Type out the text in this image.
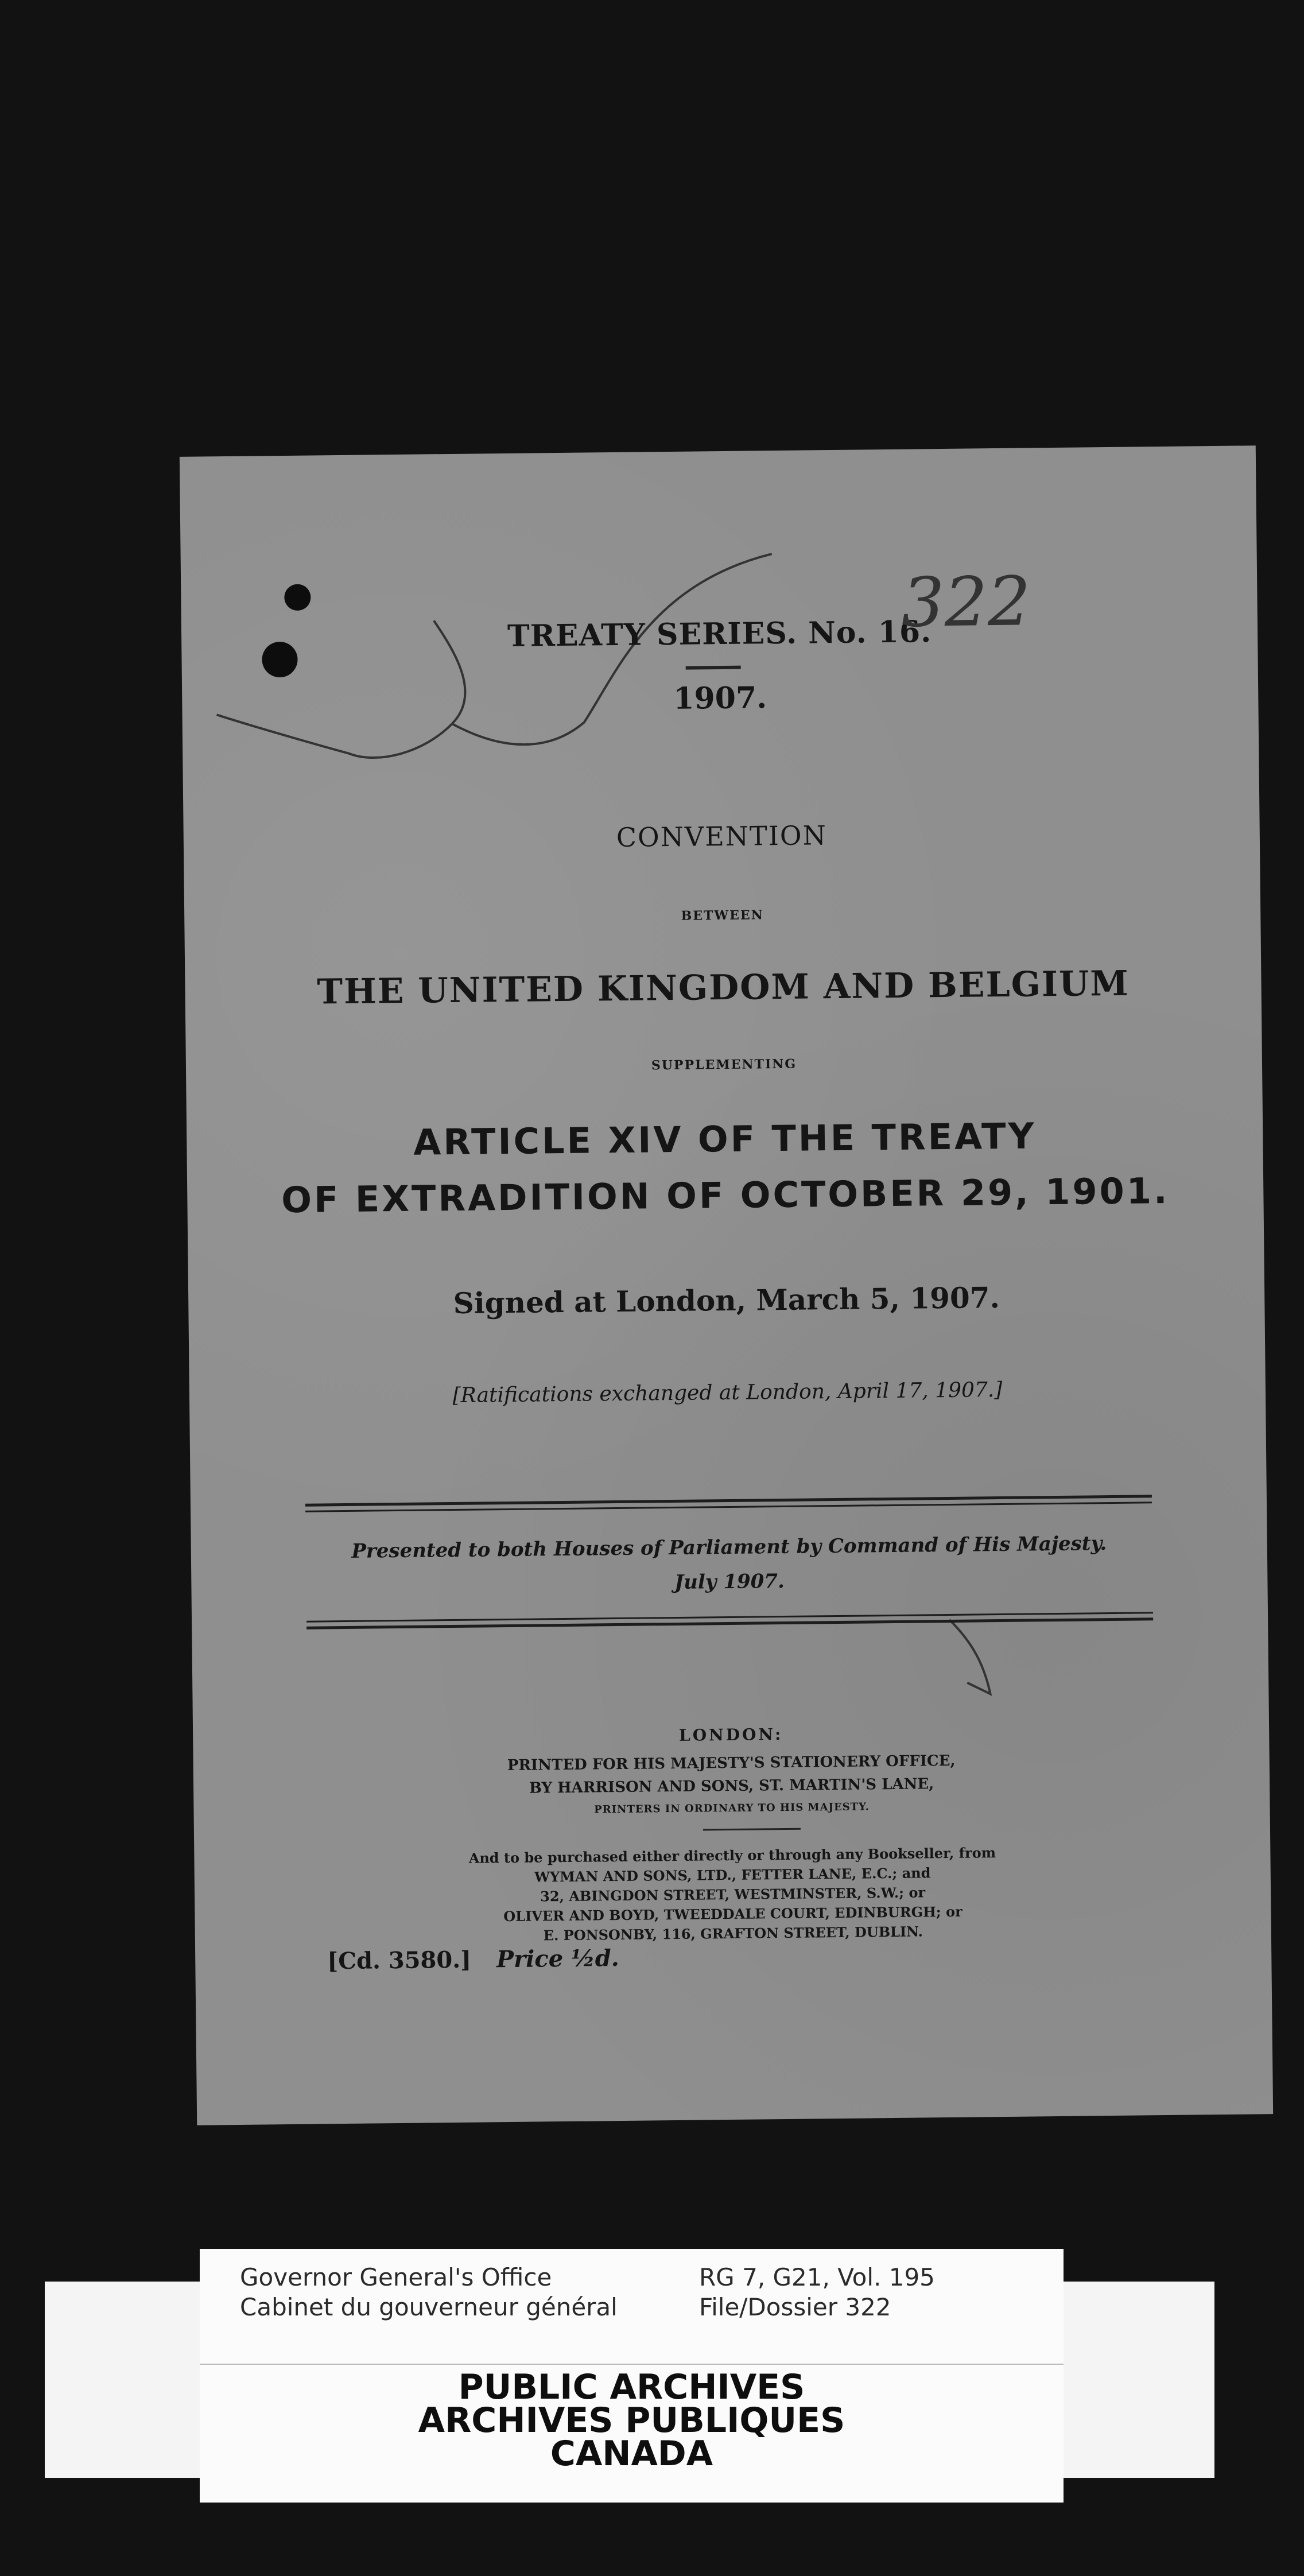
TREATY SERIES. No. 16.
322
1907.
CONVENTION
BETWEEN
THE UNITED KINGDOM AND BELGIUM
SUPPLEMENTING
ARTICLE XIV OF THE TREATY
OF EXTRADITION OF OCTOBER 29, 1901.
Signed at London, March 5, 1907.
[Ratifications exchanged at London, April 17, 1907.]
Presented to both Houses of Parliament by Command of His Majesty.
July 1907.
LONDON:
PRINTED FOR HIS MAJESTY'S STATIONERY OFFICE,
BY HARRISON AND SONS, ST. MARTIN'S LANE,
PRINTERS IN ORDINARY TO HIS MAJESTY.
And to be purchased either directly or through any Bookseller, from
WYMAN AND SONS, LTD., FETTER LANE, E.C.; and
32, ABINGDON STREET, WESTMINSTER, S.W.; or
OLIVER AND BOYD, TWEEDDALE COURT, EDINBURGH; or
E. PONSONBY, 116, GRAFTON STREET, DUBLIN.
[Cd. 3580.] Price ½d.
Governor General's Office
Cabinet du gouverneur général
RG 7, G21, Vol. 195
File/Dossier 322
PUBLIC ARCHIVES
ARCHIVES PUBLIQUES
CANADA
